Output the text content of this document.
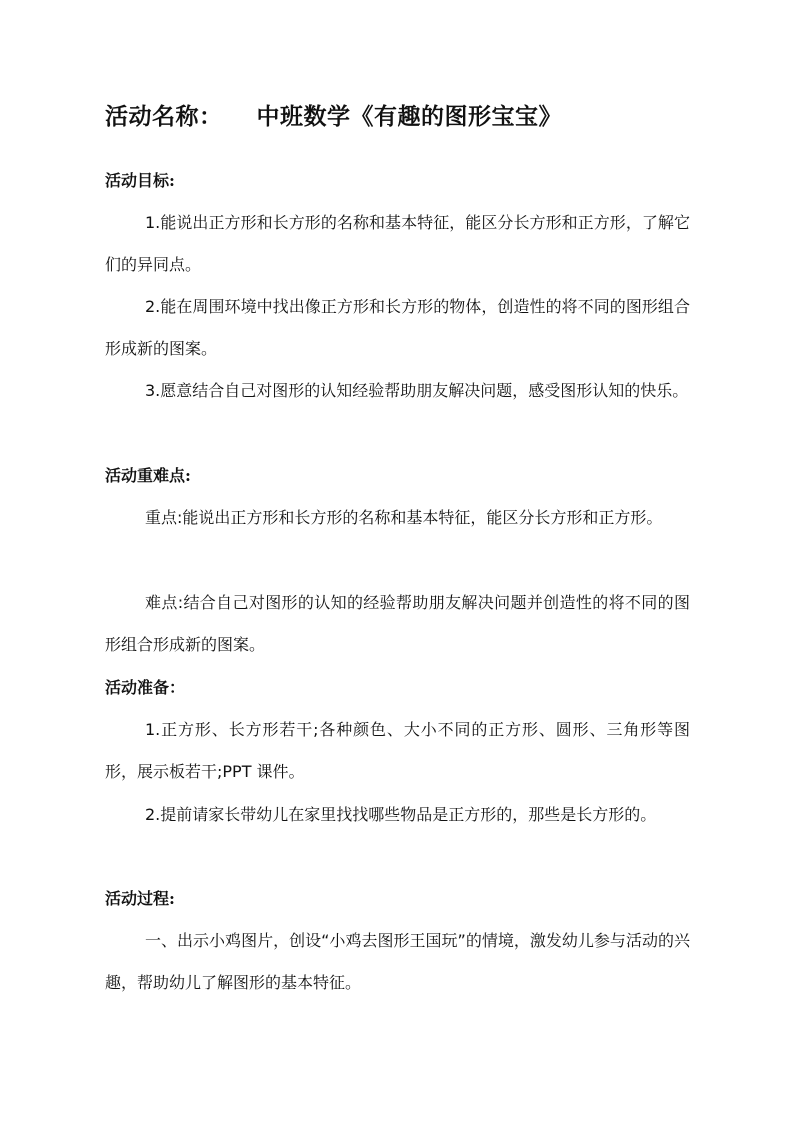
活动名称： 中班数学《有趣的图形宝宝》
活动目标:
1.能说出正方形和长方形的名称和基本特征，能区分长方形和正方形，了解它们的异同点。
2.能在周围环境中找出像正方形和长方形的物体，创造性的将不同的图形组合形成新的图案。
3.愿意结合自己对图形的认知经验帮助朋友解决问题，感受图形认知的快乐。
活动重难点:
重点:能说出正方形和长方形的名称和基本特征，能区分长方形和正方形。
难点:结合自己对图形的认知的经验帮助朋友解决问题并创造性的将不同的图形组合形成新的图案。
活动准备：
1.正方形、长方形若干;各种颜色、大小不同的正方形、圆形、三角形等图形，展示板若干;PPT 课件。
2.提前请家长带幼儿在家里找找哪些物品是正方形的，那些是长方形的。
活动过程:
一、出示小鸡图片，创设“小鸡去图形王国玩”的情境，激发幼儿参与活动的兴趣，帮助幼儿了解图形的基本特征。
